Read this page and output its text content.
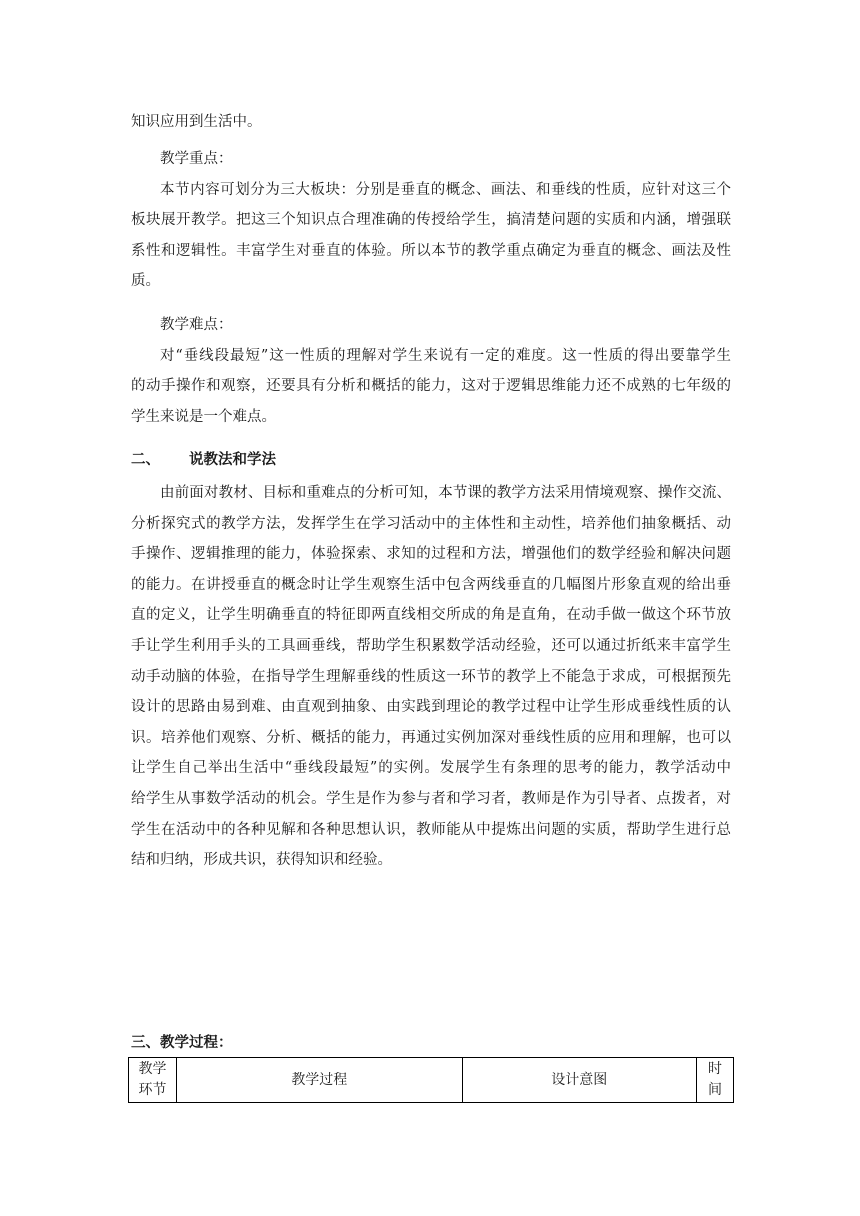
知识应用到生活中。
教学重点：
本节内容可划分为三大板块：分别是垂直的概念、画法、和垂线的性质，应针对这三个
板块展开教学。把这三个知识点合理准确的传授给学生，搞清楚问题的实质和内涵，增强联
系性和逻辑性。丰富学生对垂直的体验。所以本节的教学重点确定为垂直的概念、画法及性
质。
教学难点：
对“垂线段最短”这一性质的理解对学生来说有一定的难度。这一性质的得出要靠学生
的动手操作和观察，还要具有分析和概括的能力，这对于逻辑思维能力还不成熟的七年级的
学生来说是一个难点。
二、 说教法和学法
由前面对教材、目标和重难点的分析可知，本节课的教学方法采用情境观察、操作交流、
分析探究式的教学方法，发挥学生在学习活动中的主体性和主动性，培养他们抽象概括、动
手操作、逻辑推理的能力，体验探索、求知的过程和方法，增强他们的数学经验和解决问题
的能力。在讲授垂直的概念时让学生观察生活中包含两线垂直的几幅图片形象直观的给出垂
直的定义，让学生明确垂直的特征即两直线相交所成的角是直角，在动手做一做这个环节放
手让学生利用手头的工具画垂线，帮助学生积累数学活动经验，还可以通过折纸来丰富学生
动手动脑的体验，在指导学生理解垂线的性质这一环节的教学上不能急于求成，可根据预先
设计的思路由易到难、由直观到抽象、由实践到理论的教学过程中让学生形成垂线性质的认
识。培养他们观察、分析、概括的能力，再通过实例加深对垂线性质的应用和理解，也可以
让学生自己举出生活中“垂线段最短”的实例。发展学生有条理的思考的能力，教学活动中
给学生从事数学活动的机会。学生是作为参与者和学习者，教师是作为引导者、点拨者，对
学生在活动中的各种见解和各种思想认识，教师能从中提炼出问题的实质，帮助学生进行总
结和归纳，形成共识，获得知识和经验。
三、教学过程：
教学环节	教学过程	设计意图	时间
